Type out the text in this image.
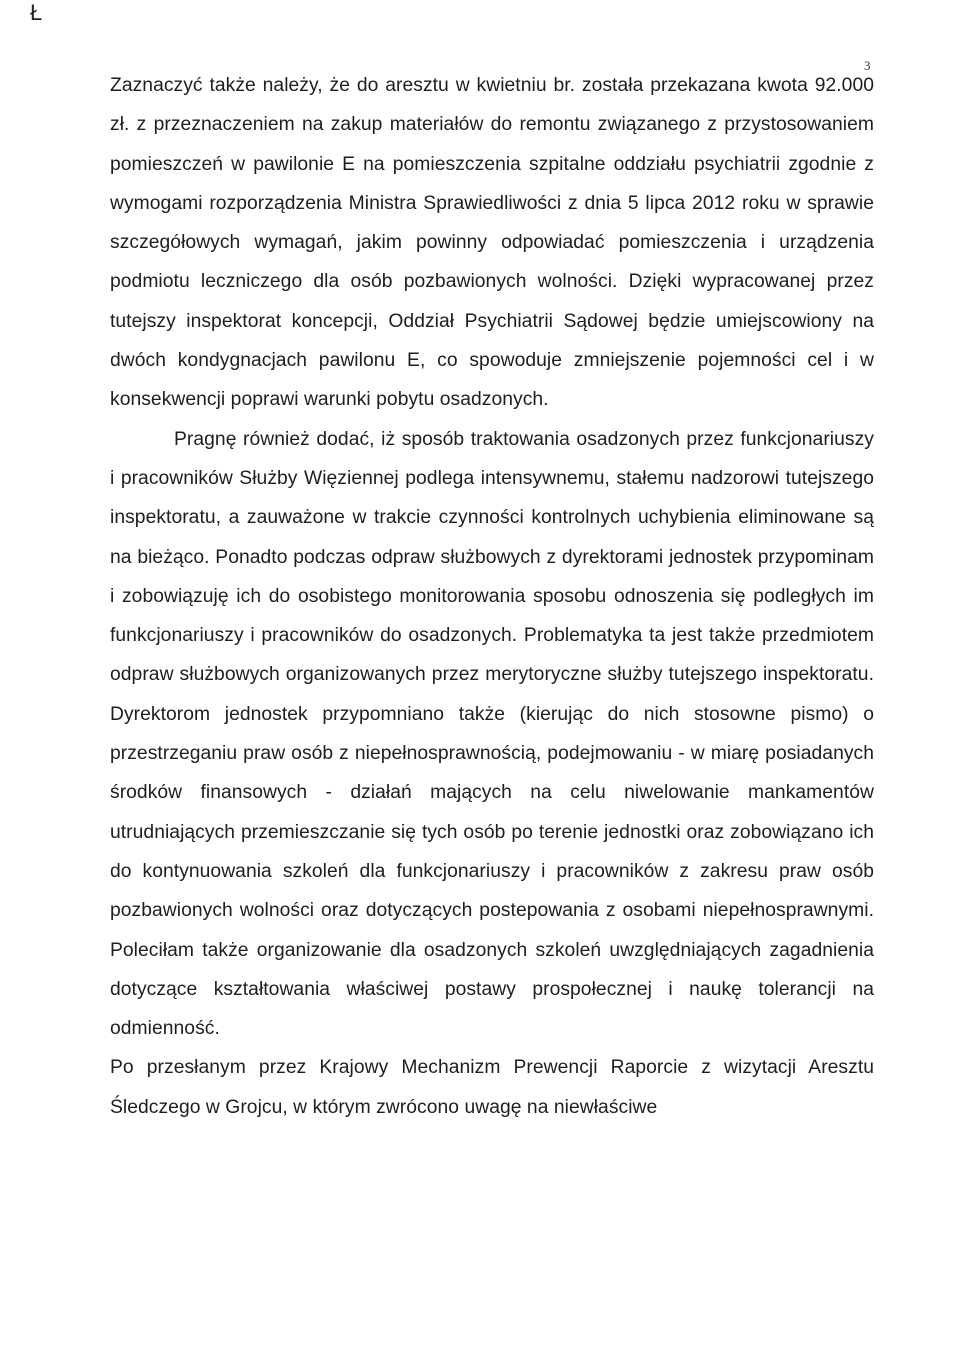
Ł
3

Zaznaczyć także należy, że do aresztu w kwietniu br. została przekazana kwota 92.000 zł. z przeznaczeniem na zakup materiałów do remontu związanego z przystosowaniem pomieszczeń w pawilonie E na pomieszczenia szpitalne oddziału psychiatrii zgodnie z wymogami rozporządzenia Ministra Sprawiedliwości z dnia 5 lipca 2012 roku w sprawie szczegółowych wymagań, jakim powinny odpowiadać pomieszczenia i urządzenia podmiotu leczniczego dla osób pozbawionych wolności. Dzięki wypracowanej przez tutejszy inspektorat koncepcji, Oddział Psychiatrii Sądowej będzie umiejscowiony na dwóch kondygnacjach pawilonu E, co spowoduje zmniejszenie pojemności cel i w konsekwencji poprawi warunki pobytu osadzonych.

Pragnę również dodać, iż sposób traktowania osadzonych przez funkcjonariuszy i pracowników Służby Więziennej podlega intensywnemu, stałemu nadzorowi tutejszego inspektoratu, a zauważone w trakcie czynności kontrolnych uchybienia eliminowane są na bieżąco. Ponadto podczas odpraw służbowych z dyrektorami jednostek przypominam i zobowiązuję ich do osobistego monitorowania sposobu odnoszenia się podległych im funkcjonariuszy i pracowników do osadzonych. Problematyka ta jest także przedmiotem odpraw służbowych organizowanych przez merytoryczne służby tutejszego inspektoratu. Dyrektorom jednostek przypomniano także (kierując do nich stosowne pismo) o przestrzeganiu praw osób z niepełnosprawnością, podejmowaniu - w miarę posiadanych środków finansowych - działań mających na celu niwelowanie mankamentów utrudniających przemieszczanie się tych osób po terenie jednostki oraz zobowiązano ich do kontynuowania szkoleń dla funkcjonariuszy i pracowników z zakresu praw osób pozbawionych wolności oraz dotyczących postepowania z osobami niepełnosprawnymi. Poleciłam także organizowanie dla osadzonych szkoleń uwzględniających zagadnienia dotyczące kształtowania właściwej postawy prospołecznej i naukę tolerancji na odmienność.

Po przesłanym przez Krajowy Mechanizm Prewencji Raporcie z wizytacji Aresztu Śledczego w Grojcu, w którym zwrócono uwagę na niewłaściwe
